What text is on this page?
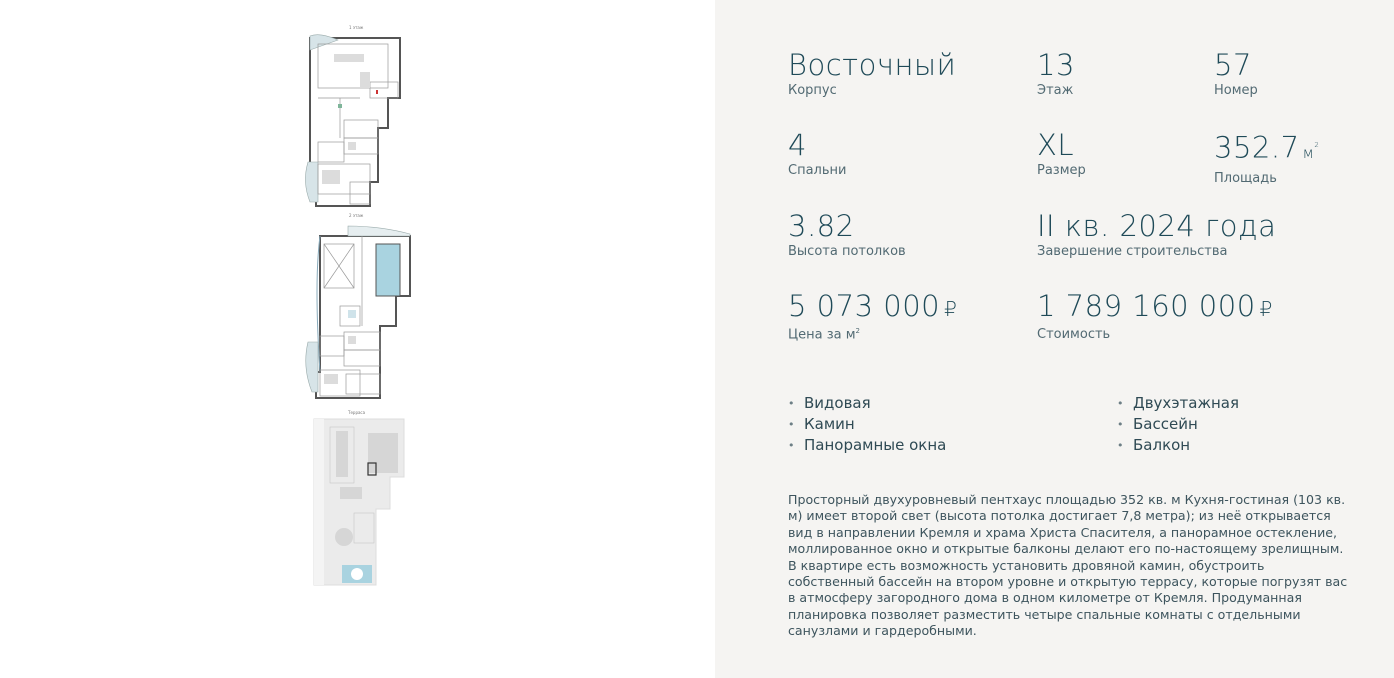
1 этаж
2 этаж
Терраса
Восточный
Корпус
13
Этаж
57
Номер
4
Спальни
XL
Размер
352.7 $м^2$
Площадь
3.82
Высота потолков
II кв. 2024 года
Завершение строительства
5 073 000 ₽
Цена за $м^2$
1 789 160 000 ₽
Стоимость
• Видовая
• Камин
• Панорамные окна
• Двухэтажная
• Бассейн
• Балкон

Просторный двухуровневый пентхаус площадью 352 кв. м Кухня-гостиная (103 кв. м) имеет второй свет (высота потолка достигает 7,8 метра); из неё открывается вид в направлении Кремля и храма Христа Спасителя, а панорамное остекление, моллированное окно и открытые балконы делают его по-настоящему зрелищным. В квартире есть возможность установить дровяной камин, обустроить собственный бассейн на втором уровне и открытую террасу, которые погрузят вас в атмосферу загородного дома в одном километре от Кремля. Продуманная планировка позволяет разместить четыре спальные комнаты с отдельными санузлами и гардеробными.
